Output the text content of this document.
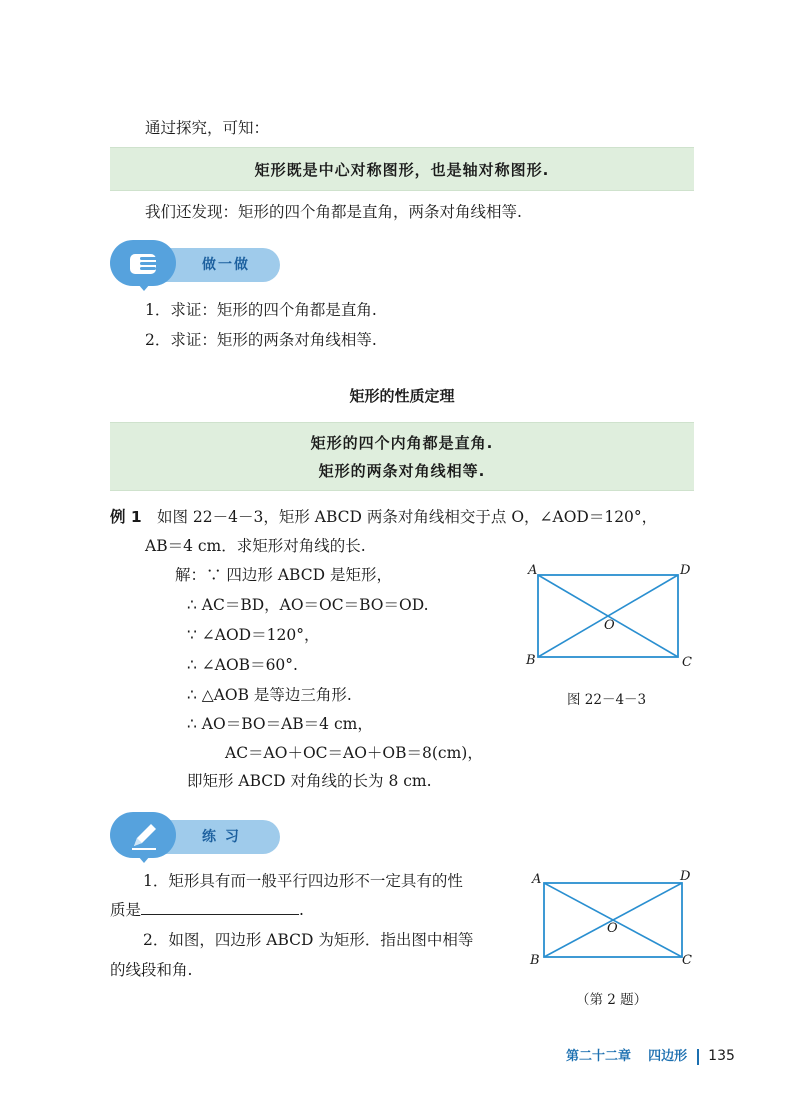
通过探究，可知：
矩形既是中心对称图形，也是轴对称图形.
我们还发现：矩形的四个角都是直角，两条对角线相等.
做一做
1．求证：矩形的四个角都是直角.
2．求证：矩形的两条对角线相等.
矩形的性质定理
矩形的四个内角都是直角.
矩形的两条对角线相等.
例 1 如图 22－4－3，矩形 ABCD 两条对角线相交于点 O，∠AOD＝120°，
AB＝4 cm．求矩形对角线的长.
解：∵ 四边形 ABCD 是矩形，
∴ AC＝BD，AO＝OC＝BO＝OD.
∵ ∠AOD＝120°，
∴ ∠AOB＝60°.
∴ △AOB 是等边三角形.
∴ AO＝BO＝AB＝4 cm，
AC＝AO＋OC＝AO＋OB＝8(cm)，
即矩形 ABCD 对角线的长为 8 cm.
A	D
B	C
O
图 22－4－3
练 习
1．矩形具有而一般平行四边形不一定具有的性
质是	.
2．如图，四边形 ABCD 为矩形．指出图中相等
的线段和角.
A	D
B	C
O
（第 2 题）
第二十二章 四边形 135
